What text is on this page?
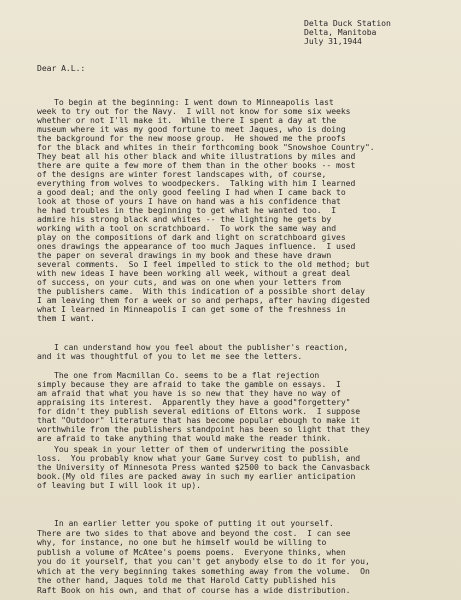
Delta Duck Station
Delta, Manitoba
July 31,1944
Dear A.L.:
To begin at the beginning: I went down to Minneapolis last
week to try out for the Navy.  I will not know for some six weeks
whether or not I'll make it.  While there I spent a day at the
museum where it was my good fortune to meet Jaques, who is doing
the background for the new moose group.  He showed me the proofs
for the black and whites in their forthcoming book "Snowshoe Country".
They beat all his other black and white illustrations by miles and
there are quite a few more of them than in the other books -- most
of the designs are winter forest landscapes with, of course,
everything from wolves to woodpeckers.  Talking with him I learned
a good deal; and the only good feeling I had when I came back to
look at those of yours I have on hand was a his confidence that
he had troubles in the beginning to get what he wanted too.  I
admire his strong black and whites -- the lighting he gets by
working with a tool on scratchboard.  To work the same way and
play on the compositions of dark and light on scratchboard gives
ones drawings the appearance of too much Jaques influence.  I used
the paper on several drawings in my book and these have drawn
several comments.  So I feel impelled to stick to the old method; but
with new ideas I have been working all week, without a great deal
of success, on your cuts, and was on one when your letters from
the publishers came.  With this indication of a possible short delay
I am leaving them for a week or so and perhaps, after having digested
what I learned in Minneapolis I can get some of the freshness in
them I want.
I can understand how you feel about the publisher's reaction,
and it was thoughtful of you to let me see the letters.
The one from Macmillan Co. seems to be a flat rejection
simply because they are afraid to take the gamble on essays.  I
am afraid that what you have is so new that they have no way of
appraising its interest.  Apparently they have a good"forgettery"
for didn't they publish several editions of Eltons work.  I suppose
that "Outdoor" literature that has become popular ebough to make it
worthwhile from the publishers standpoint has been so light that they
are afraid to take anything that would make the reader think.
You speak in your letter of them of underwriting the possible
loss.  You probably know what your Game Survey cost to publish, and
the University of Minnesota Press wanted $2500 to back the Canvasback
book.(My old files are packed away in such my earlier anticipation
of leaving but I will look it up).
In an earlier letter you spoke of putting it out yourself.
There are two sides to that above and beyond the cost.  I can see
why, for instance, no one but he himself would be willing to
publish a volume of McAtee's poems poems.  Everyone thinks, when
you do it yourself, that you can't get anybody else to do it for you,
which at the very beginning takes something away from the volume.  On
the other hand, Jaques told me that Harold Catty published his
Raft Book on his own, and that of course has a wide distribution.
